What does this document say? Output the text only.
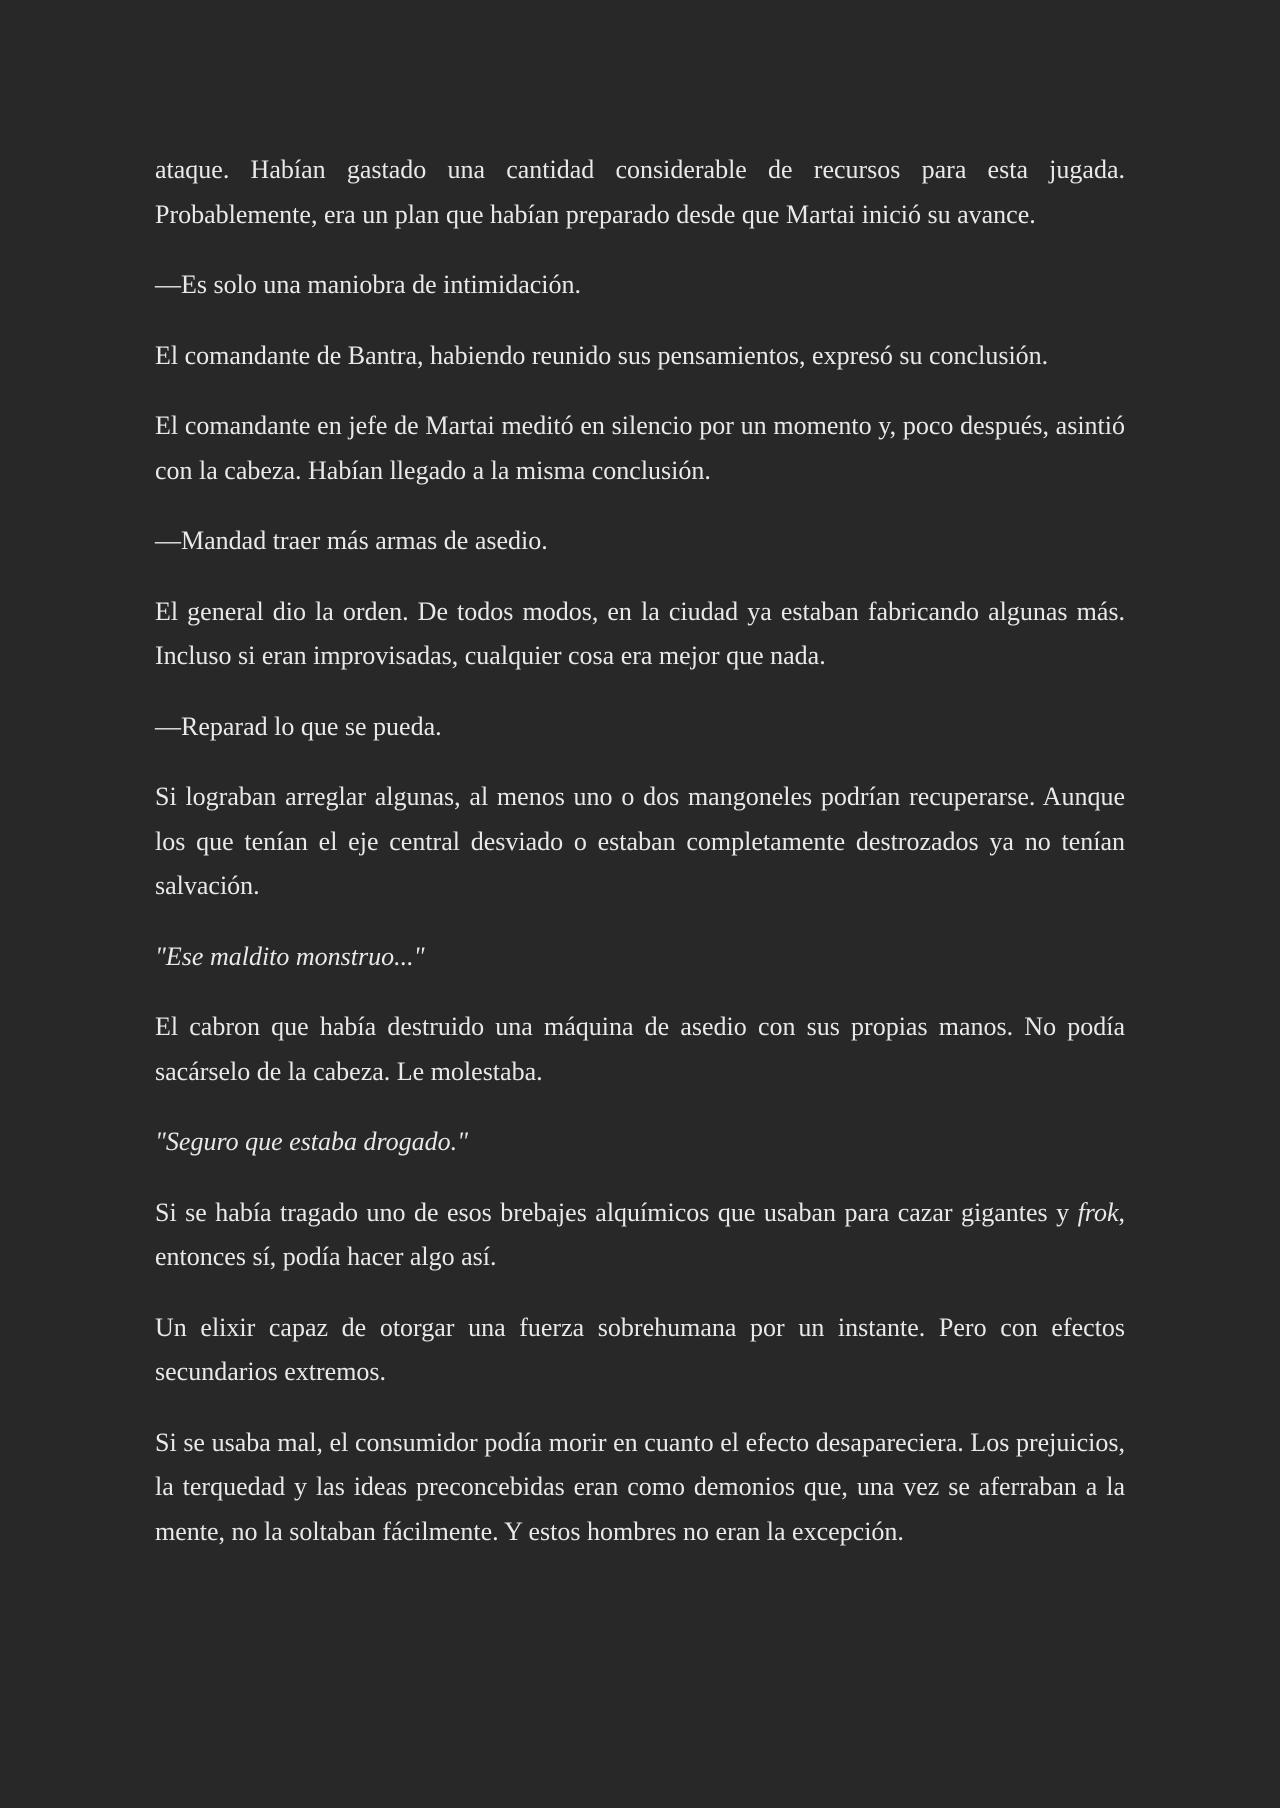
ataque. Habían gastado una cantidad considerable de recursos para esta jugada. Probablemente, era un plan que habían preparado desde que Martai inició su avance.

—Es solo una maniobra de intimidación.

El comandante de Bantra, habiendo reunido sus pensamientos, expresó su conclusión.

El comandante en jefe de Martai meditó en silencio por un momento y, poco después, asintió con la cabeza. Habían llegado a la misma conclusión.

—Mandad traer más armas de asedio.

El general dio la orden. De todos modos, en la ciudad ya estaban fabricando algunas más. Incluso si eran improvisadas, cualquier cosa era mejor que nada.

—Reparad lo que se pueda.

Si lograban arreglar algunas, al menos uno o dos mangoneles podrían recuperarse. Aunque los que tenían el eje central desviado o estaban completamente destrozados ya no tenían salvación.

"Ese maldito monstruo..."

El cabron que había destruido una máquina de asedio con sus propias manos. No podía sacárselo de la cabeza. Le molestaba.

"Seguro que estaba drogado."

Si se había tragado uno de esos brebajes alquímicos que usaban para cazar gigantes y frok, entonces sí, podía hacer algo así.

Un elixir capaz de otorgar una fuerza sobrehumana por un instante. Pero con efectos secundarios extremos.

Si se usaba mal, el consumidor podía morir en cuanto el efecto desapareciera. Los prejuicios, la terquedad y las ideas preconcebidas eran como demonios que, una vez se aferraban a la mente, no la soltaban fácilmente. Y estos hombres no eran la excepción.
